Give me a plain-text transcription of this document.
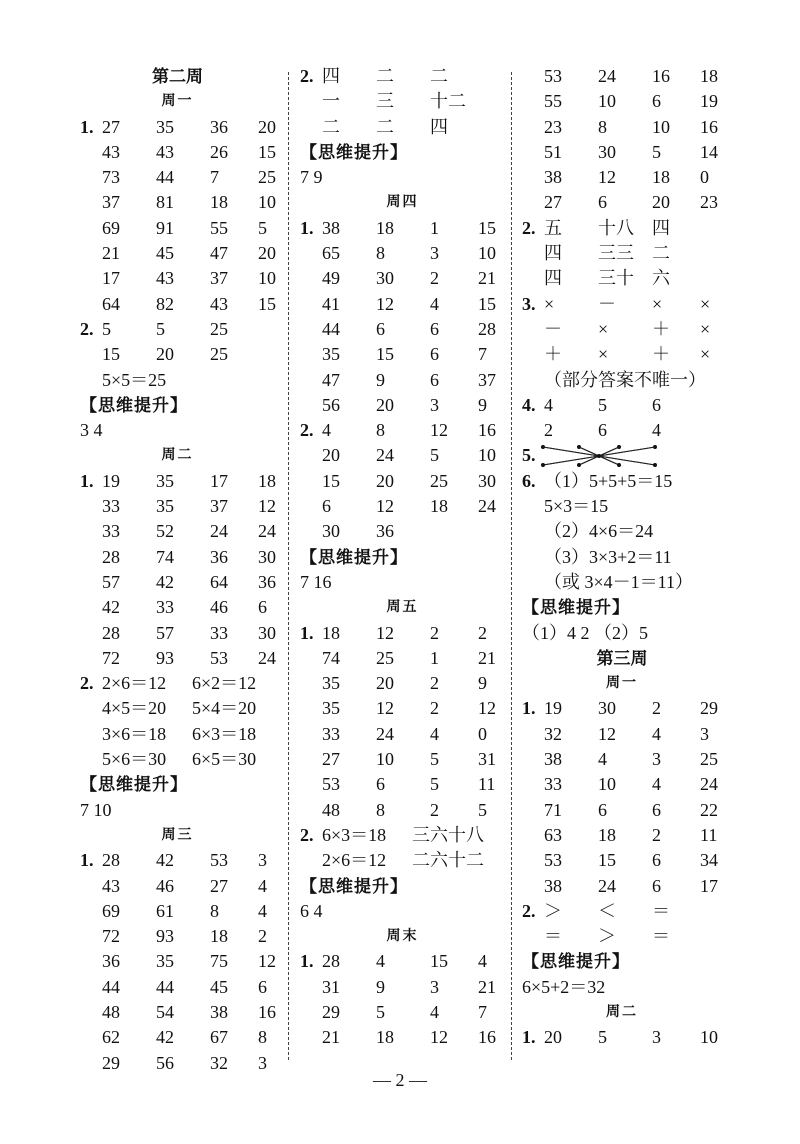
第二周
周一
1. 27 35 36 20
43 43 26 15
73 44 7 25
37 81 18 10
69 91 55 5
21 45 47 20
17 43 37 10
64 82 43 15
2. 5	5	25
15 20 25
5×5＝25
【思维提升】
3 4
周二
1. 19 35 17 18
33 35 37 12
33 52 24 24
28 74 36 30
57 42 64 36
42 33 46 6
28 57 33 30
72 93 53 24
2. 2×6＝12 6×2＝12
4×5＝20 5×4＝20
3×6＝18 6×3＝18
5×6＝30 6×5＝30
【思维提升】
7 10
周三
1. 28 42 53 3
43 46 27 4
69 61 8 4
72 93 18 2
36 35 75 12
44 44 45 6
48 54 38 16
62 42 67 8
29 56 32 3
2. 四 二 二
一 三 十二
二 二 四
【思维提升】
7 9
周四
1. 38 18 1 15
65 8	3 10
49 30 2 21
41 12 4 15
44 6	6 28
35 15 6 7
47 9	6 37
56 20 3 9
2. 4	8	12 16
20 24 5 10
15 20 25 30
6	12 18 24
30 36
【思维提升】
7 16
周五
1. 18 12 2 2
74 25 1 21
35 20 2 9
35 12 2 12
33 24 4 0
27 10 5 31
53 6	5 11
48 8	2 5
2. 6×3＝18 三六十八
2×6＝12 二六十二
【思维提升】
6 4
周末
1. 28 4	15 4
31 9	3 21
29 5	4 7
21 18 12 16
53 24 16 18
55 10 6 19
23 8	10 16
51 30 5 14
38 12 18 0
27 6	20 23
2. 五 十八 四
四 三三 二
四 三十 六
3. × － × ×
－ × ＋ ×
＋ × ＋ ×
（部分答案不唯一）
4. 4	5	6
2	6	4
5.
6. （1）5+5+5＝15
5×3＝15
（2）4×6＝24
（3）3×3+2＝11
（或 3×4－1＝11）
【思维提升】
（1）4 2 （2）5
第三周
周一
1. 19 30 2 29
32 12 4 3
38 4	3 25
33 10 4 24
71 6	6 22
63 18 2 11
53 15 6 34
38 24 6 17
2. ＞ ＜ ＝
＝ ＞ ＝
【思维提升】
6×5+2＝32
周二
1. 20 5	3 10
— 2 —
